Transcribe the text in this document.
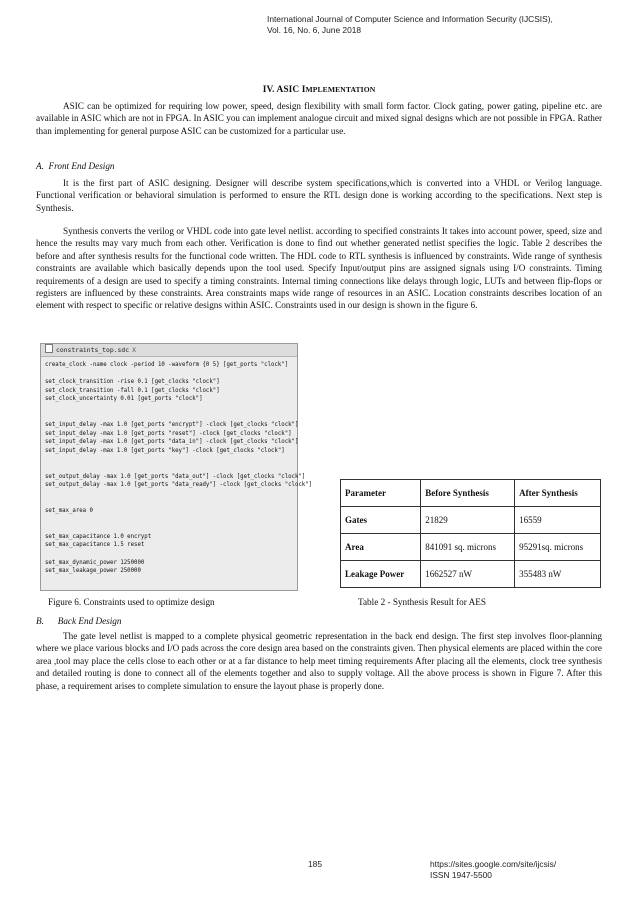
International Journal of Computer Science and Information Security (IJCSIS),
Vol. 16, No. 6, June 2018
IV. ASIC IMPLEMENTATION

ASIC can be optimized for requiring low power, speed, design flexibility with small form factor. Clock gating, power gating, pipeline etc. are available in ASIC which are not in FPGA. In ASIC you can implement analogue circuit and mixed signal designs which are not possible in FPGA. Rather than implementing for general purpose ASIC can be customized for a particular use.

A. Front End Design

It is the first part of ASIC designing. Designer will describe system specifications,which is converted into a VHDL or Verilog language. Functional verification or behavioral simulation is performed to ensure the RTL design done is working according to the specifications. Next step is Synthesis.

Synthesis converts the verilog or VHDL code into gate level netlist. according to specified constraints It takes into account power, speed, size and hence the results may vary much from each other. Verification is done to find out whether generated netlist specifies the logic. Table 2 describes the before and after synthesis results for the functional code written. The HDL code to RTL synthesis is influenced by constraints. Wide range of synthesis constraints are available which basically depends upon the tool used. Specify Input/output pins are assigned signals using I/O constraints. Timing requirements of a design are used to specify a timing constraints. Internal timing connections like delays through logic, LUTs and between flip-flops or registers are influenced by these constraints. Area constraints maps wide range of resources in an ASIC. Location constraints describes location of an element with respect to specific or relative designs within ASIC. Constraints used in our design is shown in the figure 6.

constraints_top.sdc X
create_clock -name clock -period 10 -waveform {0 5} [get_ports "clock"]
set_clock_transition -rise 0.1 [get_clocks "clock"]
set_clock_transition -fall 0.1 [get_clocks "clock"]
set_clock_uncertainty 0.01 [get_ports "clock"]
set_input_delay -max 1.0 [get_ports "encrypt"] -clock [get_clocks "clock"]
set_input_delay -max 1.0 [get_ports "reset"] -clock [get_clocks "clock"]
set_input_delay -max 1.0 [get_ports "data_in"] -clock [get_clocks "clock"]
set_input_delay -max 1.0 [get_ports "key"] -clock [get_clocks "clock"]
set_output_delay -max 1.0 [get_ports "data_out"] -clock [get_clocks "clock"]
set_output_delay -max 1.0 [get_ports "data_ready"] -clock [get_clocks "clock"]
set_max_area 0
set_max_capacitance 1.0 encrypt
set_max_capacitance 1.5 reset
set_max_dynamic_power 1250000
set_max_leakage_power 250000
Figure 6. Constraints used to optimize design
Parameter	Before Synthesis	After Synthesis
Gates	21829	16559
Area	841091 sq. microns	95291sq. microns
Leakage Power	1662527 nW	355483 nW
Table 2 - Synthesis Result for AES
B. Back End Design

The gate level netlist is mapped to a complete physical geometric representation in the back end design. The first step involves floor-planning where we place various blocks and I/O pads across the core design area based on the constraints given. Then physical elements are placed within the core area ,tool may place the cells close to each other or at a far distance to help meet timing requirements After placing all the elements, clock tree synthesis and detailed routing is done to connect all of the elements together and also to supply voltage. All the above process is shown in Figure 7. After this phase, a requirement arises to complete simulation to ensure the layout phase is properly done.

185	https://sites.google.com/site/ijcsis/
ISSN 1947-5500
